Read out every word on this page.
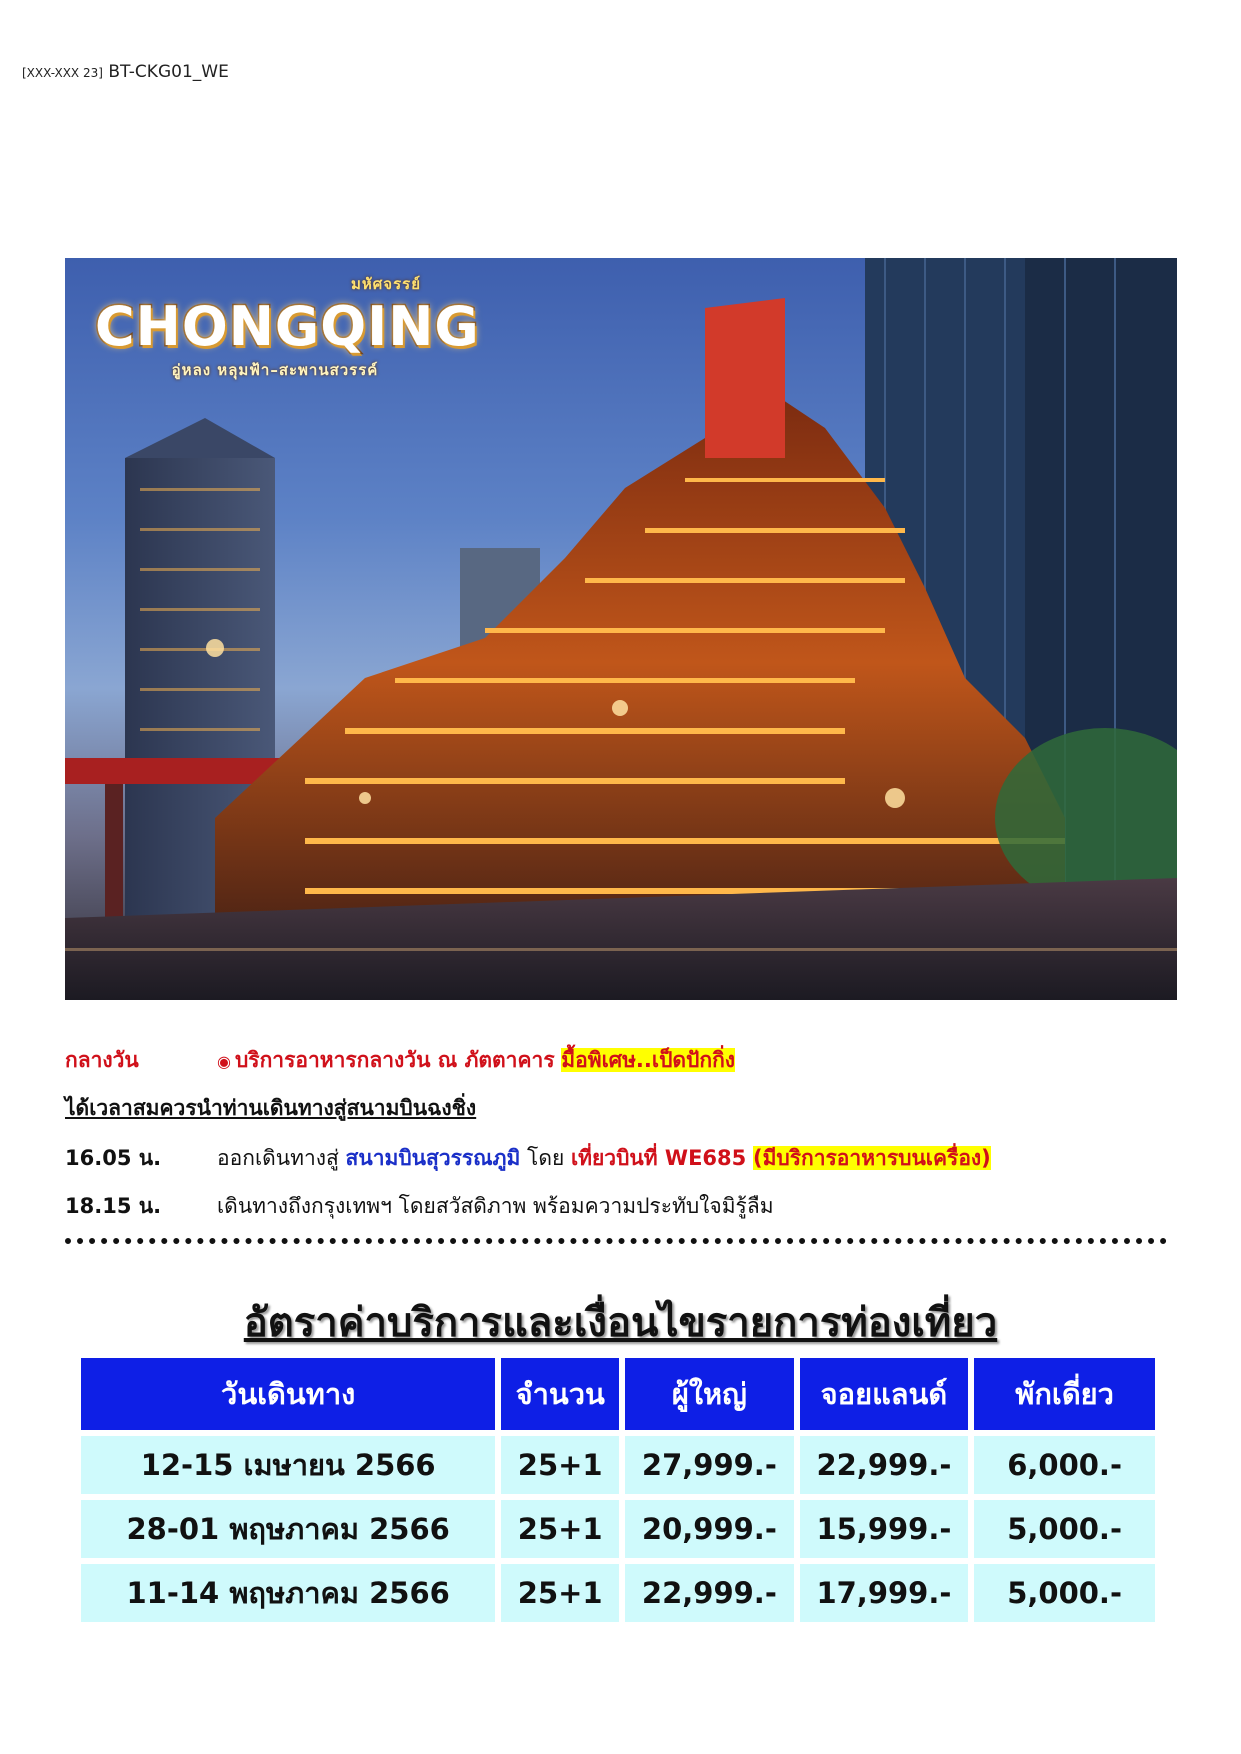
[XXX-XXX 23] BT-CKG01_WE
มหัศจรรย์
CHONGQING
อู่หลง หลุมฟ้า–สะพานสวรรค์
กลางวัน	◉ บริการอาหารกลางวัน ณ ภัตตาคาร มื้อพิเศษ..เป็ดปักกิ่ง
ได้เวลาสมควรนำท่านเดินทางสู่สนามบินฉงชิ่ง
16.05 น.	ออกเดินทางสู่ สนามบินสุวรรณภูมิ โดย เที่ยวบินที่ WE685 (มีบริการอาหารบนเครื่อง)
18.15 น.	เดินทางถึงกรุงเทพฯ โดยสวัสดิภาพ พร้อมความประทับใจมิรู้ลืม
อัตราค่าบริการและเงื่อนไขรายการท่องเที่ยว
วันเดินทาง	จำนวน	ผู้ใหญ่	จอยแลนด์	พักเดี่ยว
12-15 เมษายน 2566	25+1	27,999.-	22,999.-	6,000.-
28-01 พฤษภาคม 2566	25+1	20,999.-	15,999.-	5,000.-
11-14 พฤษภาคม 2566	25+1	22,999.-	17,999.-	5,000.-
